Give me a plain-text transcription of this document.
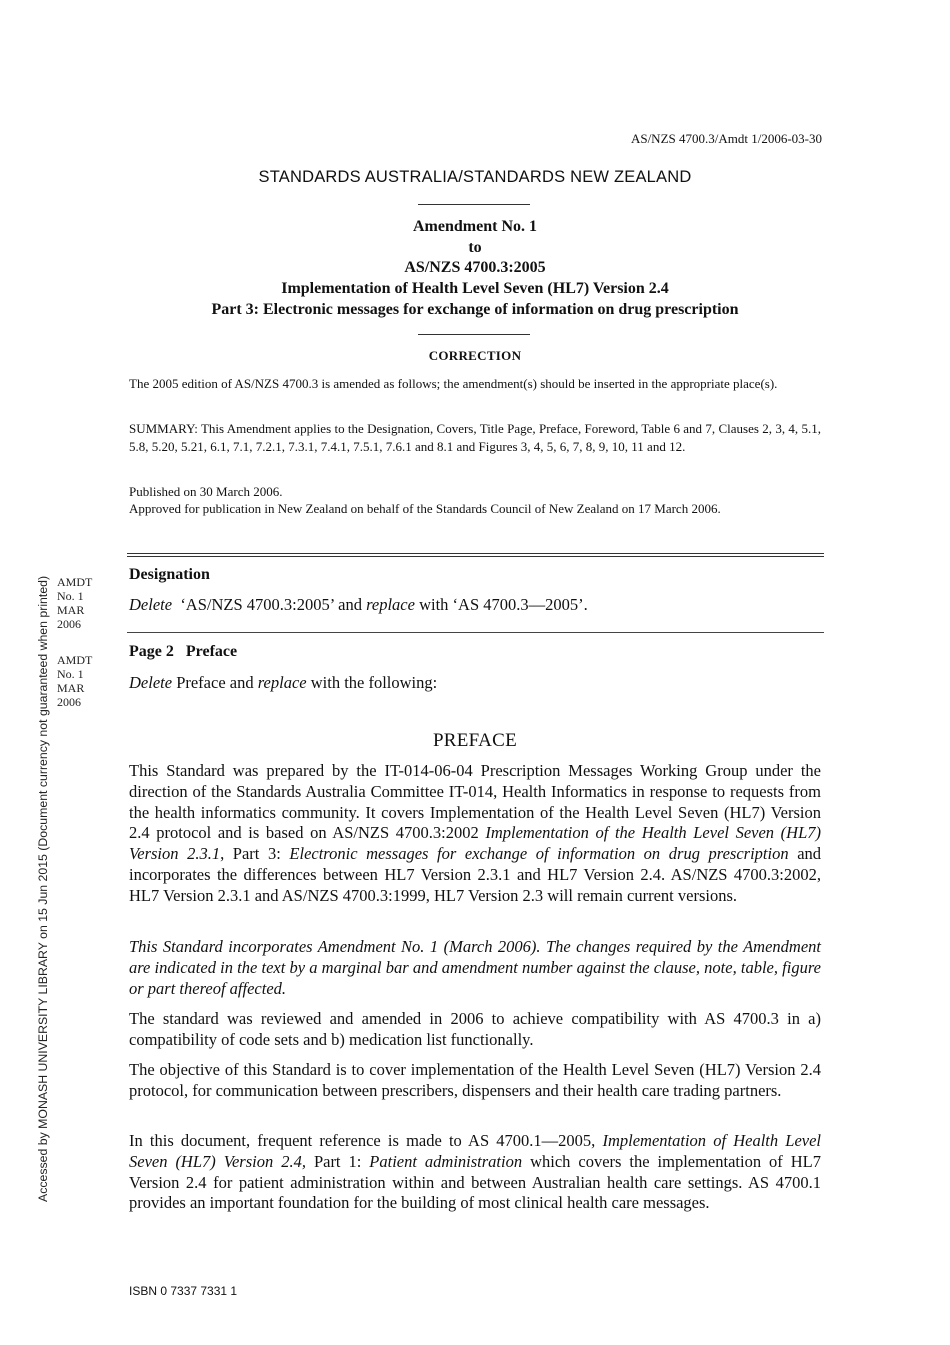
AS/NZS 4700.3/Amdt 1/2006-03-30
STANDARDS AUSTRALIA/STANDARDS NEW ZEALAND
Amendment No. 1
to
AS/NZS 4700.3:2005
Implementation of Health Level Seven (HL7) Version 2.4
Part 3: Electronic messages for exchange of information on drug prescription
CORRECTION
The 2005 edition of AS/NZS 4700.3 is amended as follows; the amendment(s) should be inserted in the appropriate place(s).
SUMMARY: This Amendment applies to the Designation, Covers, Title Page, Preface, Foreword, Table 6 and 7, Clauses 2, 3, 4, 5.1, 5.8, 5.20, 5.21, 6.1, 7.1, 7.2.1, 7.3.1, 7.4.1, 7.5.1, 7.6.1 and 8.1 and Figures 3, 4, 5, 6, 7, 8, 9, 10, 11 and 12.
Published on 30 March 2006.
Approved for publication in New Zealand on behalf of the Standards Council of New Zealand on 17 March 2006.
AMDT
No. 1
MAR
2006
Designation
Delete ‘AS/NZS 4700.3:2005’ and replace with ‘AS 4700.3—2005’.
AMDT
No. 1
MAR
2006
Page 2   Preface
Delete Preface and replace with the following:
PREFACE
This Standard was prepared by the IT-014-06-04 Prescription Messages Working Group under the direction of the Standards Australia Committee IT-014, Health Informatics in response to requests from the health informatics community. It covers Implementation of the Health Level Seven (HL7) Version 2.4 protocol and is based on AS/NZS 4700.3:2002 Implementation of the Health Level Seven (HL7) Version 2.3.1, Part 3: Electronic messages for exchange of information on drug prescription and incorporates the differences between HL7 Version 2.3.1 and HL7 Version 2.4. AS/NZS 4700.3:2002, HL7 Version 2.3.1 and AS/NZS 4700.3:1999, HL7 Version 2.3 will remain current versions.
This Standard incorporates Amendment No. 1 (March 2006). The changes required by the Amendment are indicated in the text by a marginal bar and amendment number against the clause, note, table, figure or part thereof affected.
The standard was reviewed and amended in 2006 to achieve compatibility with AS 4700.3 in a) compatibility of code sets and b) medication list functionally.
The objective of this Standard is to cover implementation of the Health Level Seven (HL7) Version 2.4 protocol, for communication between prescribers, dispensers and their health care trading partners.
In this document, frequent reference is made to AS 4700.1—2005, Implementation of Health Level Seven (HL7) Version 2.4, Part 1: Patient administration which covers the implementation of HL7 Version 2.4 for patient administration within and between Australian health care settings. AS 4700.1 provides an important foundation for the building of most clinical health care messages.
Accessed by MONASH UNIVERSITY LIBRARY on 15 Jun 2015 (Document currency not guaranteed when printed)
ISBN 0 7337 7331 1
